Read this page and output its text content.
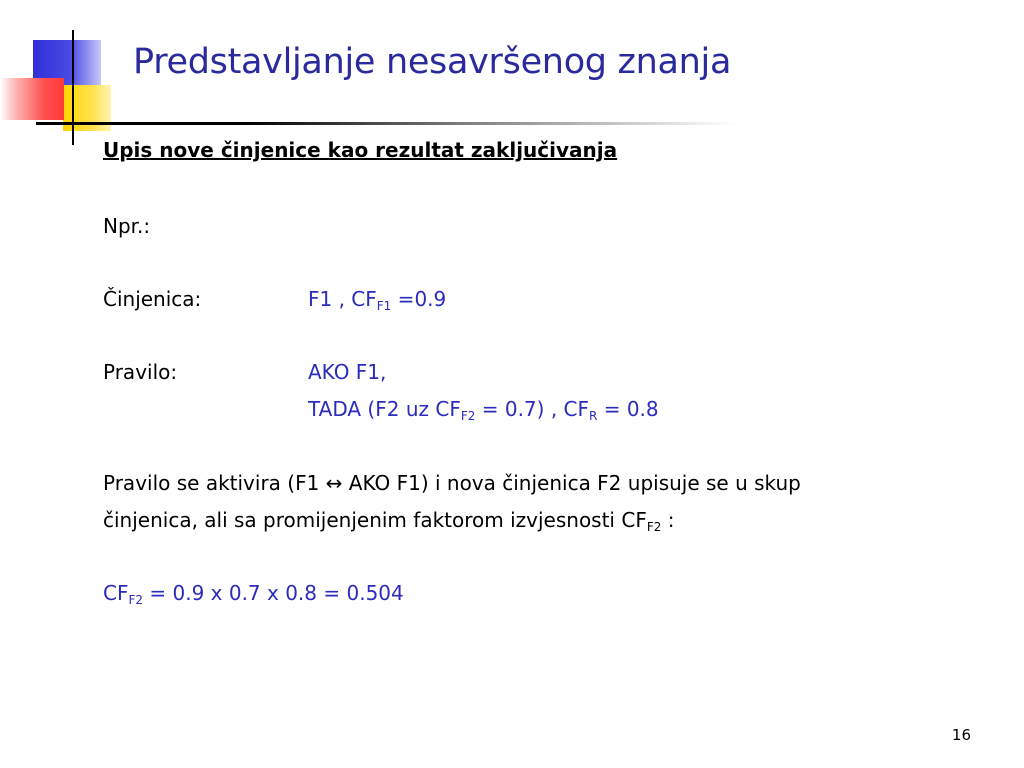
Predstavljanje nesavršenog znanja
Upis nove činjenice kao rezultat zaključivanja
Npr.:
Činjenica:	F1 , $CF_{F1} =0.9$
Pravilo:	AKO F1,
TADA (F2 uz $CF_{F2} = 0.7$) , $CF_R = 0.8$
Pravilo se aktivira (F1 ↔ AKO F1) i nova činjenica F2 upisuje se u skup
činjenica, ali sa promijenjenim faktorom izvjesnosti $CF_{F2}$ :
$CF_{F2} = 0.9$ x 0.7 x 0.8 = 0.504
16
